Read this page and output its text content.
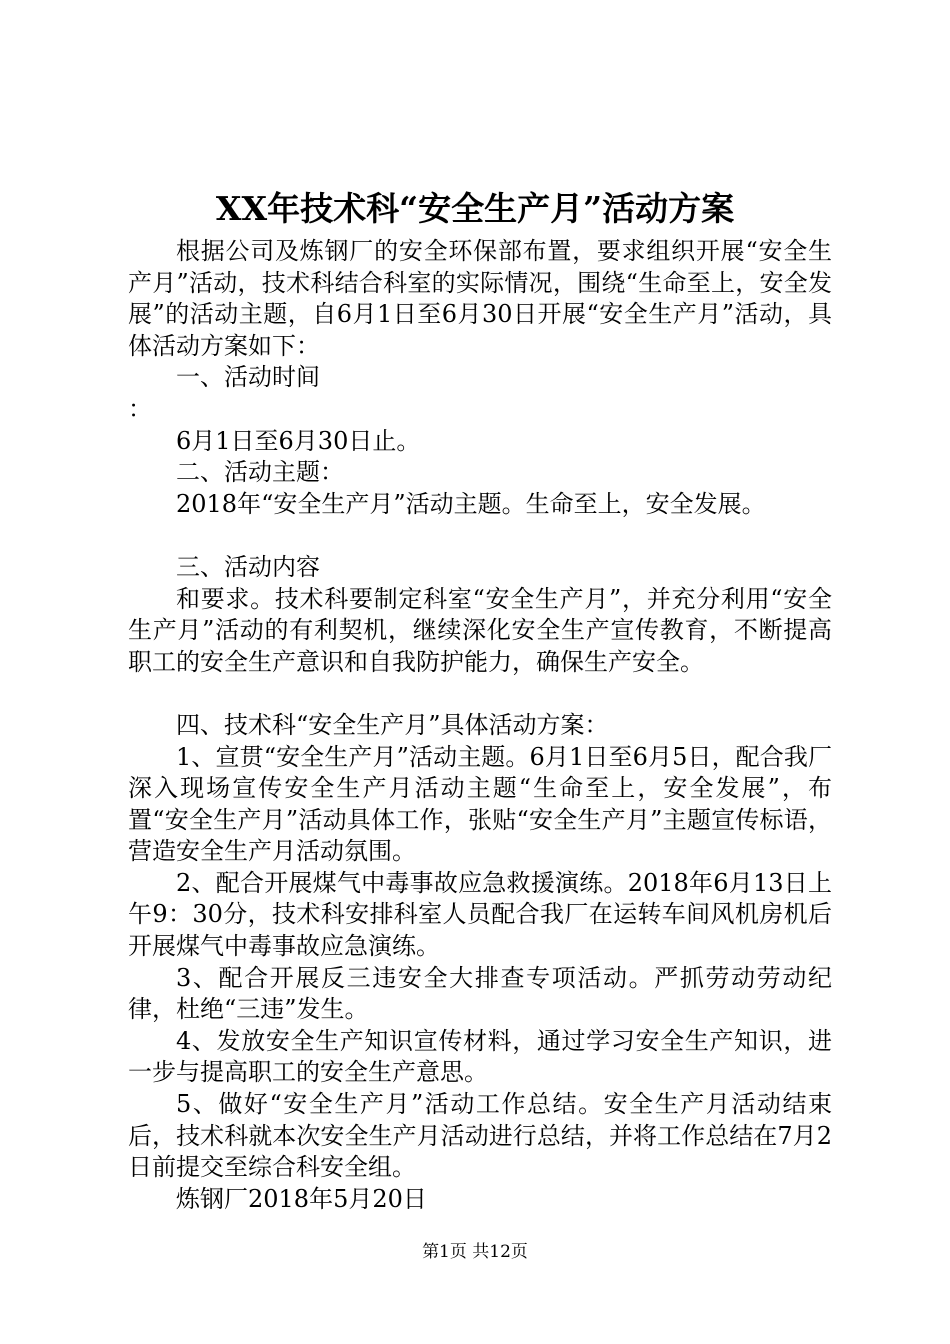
XX年技术科“安全生产月”活动方案

根据公司及炼钢厂的安全环保部布置，要求组织开展“安全生产月”活动，技术科结合科室的实际情况，围绕“生命至上，安全发展”的活动主题，自6月1日至6月30日开展“安全生产月”活动，具体活动方案如下：

一、活动时间

：

6月1日至6月30日止。

二、活动主题：

2018年“安全生产月”活动主题。生命至上，安全发展。

三、活动内容

和要求。技术科要制定科室“安全生产月”，并充分利用“安全生产月”活动的有利契机，继续深化安全生产宣传教育，不断提高职工的安全生产意识和自我防护能力，确保生产安全。

四、技术科“安全生产月”具体活动方案：

1、宣贯“安全生产月”活动主题。6月1日至6月5日，配合我厂深入现场宣传安全生产月活动主题“生命至上，安全发展”，布置“安全生产月”活动具体工作，张贴“安全生产月”主题宣传标语，营造安全生产月活动氛围。

2、配合开展煤气中毒事故应急救援演练。2018年6月13日上午9：30分，技术科安排科室人员配合我厂在运转车间风机房机后开展煤气中毒事故应急演练。

3、配合开展反三违安全大排查专项活动。严抓劳动劳动纪律，杜绝“三违”发生。

4、发放安全生产知识宣传材料，通过学习安全生产知识，进一步与提高职工的安全生产意思。

5、做好“安全生产月”活动工作总结。安全生产月活动结束后，技术科就本次安全生产月活动进行总结，并将工作总结在7月2日前提交至综合科安全组。

炼钢厂2018年5月20日

第1页 共12页
